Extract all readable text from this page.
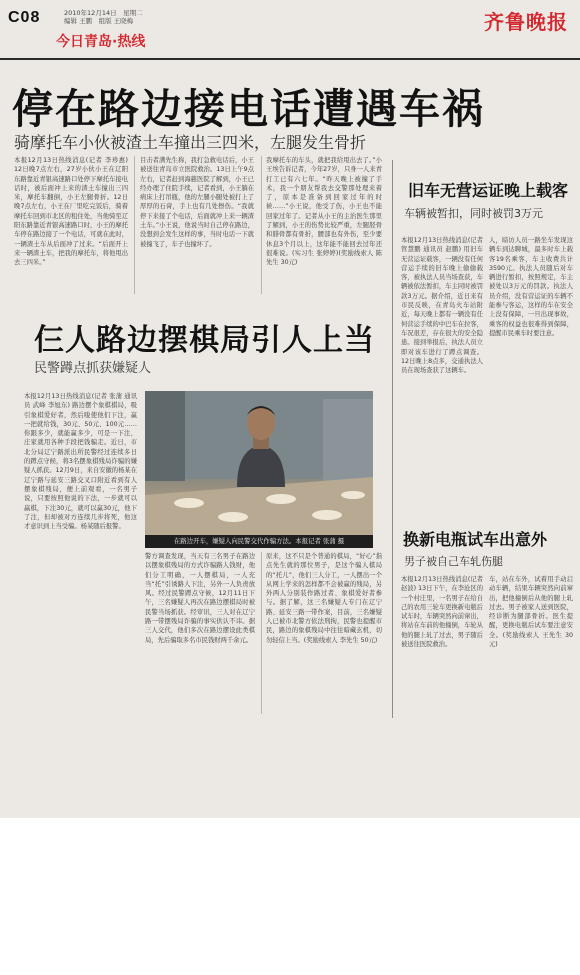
C08	2010年12月14日　星期二
编辑 王鹏　组版 王晓梅
今日青岛·热线
齐鲁晚报
停在路边接电话遭遇车祸
骑摩托车小伙被渣土车撞出三四米，左腿发生骨折
本报12月13日热线消息(记者 李珍惠) 12日晚7点左右，27岁小伙小王在辽阳东路靠近青银高速路口处停下摩托车接电话时，被后面冲上来的渣土车撞出三四米，摩托车翻倒，小王左腿骨折。12日晚7点左右，小王在厂里吃完饭后，骑着摩托车回到市北区的租住处，当他骑至辽阳东路靠近青银高速路口时，小王的摩托车停在路边接了一个电话，可就在此时，一辆渣土车从后面冲了过来。“后面开上来一辆渣土车，把我的摩托车，将他甩出去三四米。”
目击者满先生称，我打急救电话后，小王被送往青岛市立医院救治。13日上午9点左右，记者赶到海慈医院了解到，小王已经办理了住院手续，记者看到，小王躺在病床上打吊瓶，他的左腿小腿处被打上了厚厚的石膏，手上也有几处擦伤。“我就停下来接了个电话，后面就冲上来一辆渣土车。”小王说，他说当时自己停在路边，没想到会发生这样的事，当时电话一下就被撞飞了，车子也撞坏了。
我摩托车的车头，就把我给甩出去了。”小王埃告诉记者，今年27岁，只身一人来青打工已有六七年。“昨天晚上被撞了手术，我一个朋友帮我去交警那处理来着了，原本是准备到回家过年的时候……”小王说，他受了伤，小王也不能回家过年了。记者从小王的主治医生那里了解到，小王的伤势比较严重，左腿胫骨和腓骨都有骨折，腰部也有外伤，至少要休息3个月以上，这年能不能回去过年还很难说。(实习生 张婷婷)(奖励线索人 陈先生 30元)
仨人路边摆棋局引人上当
民警蹲点抓获嫌疑人
本报12月13日热线消息(记者 张蒲 通讯员 武峰 李旭东) 路边摆个象棋棋局，吸引象棋爱好者，然后唆使他们下注，赢一把就给钱，30元、50元、100元……你跟多少，就能赢多少，可是一下注，庄家就用各种手段把钱骗走。近日，市北分局辽宁路派出所民警经过连续多日的蹲点守候，将3名摆象棋残局诈骗的嫌疑人抓获。12月9日，来自安徽的杨某在辽宁路与延安三路交叉口附近看到有人摆象棋残局，便上前观看，一名男子说，只要按照他说的下法，一步就可以赢棋，下注30元，就可以赢30元，他下了注，但却被对方连续几步将死，他这才意识到上当受骗。杨某随后报警。
在路边开车，嫌疑人向民警交代作骗方法。本报记者 张蒲 摄
警方调查发现，当天有三名男子在路边以摆象棋残局的方式诈骗路人钱财，他们分工明确，一人摆棋局，一人充当“托”引诱路人下注，另外一人负责放风。经过民警蹲点守候，12月11日下午，三名嫌疑人再次在路边摆棋局时被民警当场抓获。经审讯，三人对在辽宁路一带摆残局诈骗的事实供认不讳。据三人交代，他们多次在路边摆设此类棋局，先后骗取多名市民钱财两千余元。
原来，这不只是个普通的棋局，“好心”指点先生就的那位男子，是这个骗人棋局的“托儿”，他们三人分工，一人摆出一个从网上学来的怎样都不会被赢的残局，另外两人分别装作路过者、象棋爱好者参与。据了解，这三名嫌疑人专门在辽宁路、延安三路一带作案，目前，三名嫌疑人已被市北警方依法刑拘，民警也提醒市民，路边的象棋残局中往往暗藏玄机，切勿轻信上当。(奖励线索人 李先生 50元)
旧车无营运证晚上载客
车辆被暂扣，同时被罚3万元
本报12月13日热线消息(记者 管慧鹏 通讯员 赵鹏) 用旧车无营运证载客，一辆没有任何营运手续的旧车晚上偷偷载客，被执法人员当场查获，车辆被依法暂扣，车主同时被罚款3万元。据介绍，近日来有市民反映，在青岛火车站附近，每天晚上都有一辆没有任何营运手续的中巴车在拉客，车况很差，存在很大的安全隐患。接到举报后，执法人员立即对该车进行了蹲点调查。12日晚上8点多，交通执法人员在现场查获了这辆车。
人，暗访人员一路坐车发现这辆车到达聊城，最多时车上载客19名乘客，车主收费共计3590元。执法人员随后对车辆进行暂扣，按照规定，车主被处以3万元的罚款。执法人员介绍，没有营运证的车辆不能参与客运，这样的车在安全上没有保障，一旦出现事故，乘客的权益也很难得到保障，提醒市民乘车时要注意。
换新电瓶试车出意外
男子被自己车轧伤腿
本报12月13日热线消息(记者 赵波) 13日下午，在李沧区的一个村庄里，一名男子在给自己的农用三轮车更换新电瓶后试车时，车辆突然向前窜出，将站在车前的他撞倒，车轮从他的腿上轧了过去，男子随后被送往医院救治。
车，站在车外，试着用手动启动车辆，结果车辆突然向前窜出，把他撞倒后从他的腿上轧过去。男子被家人送到医院，经诊断为腿部骨折。医生提醒，更换电瓶后试车要注意安全。(奖励线索人 王先生 30元)
